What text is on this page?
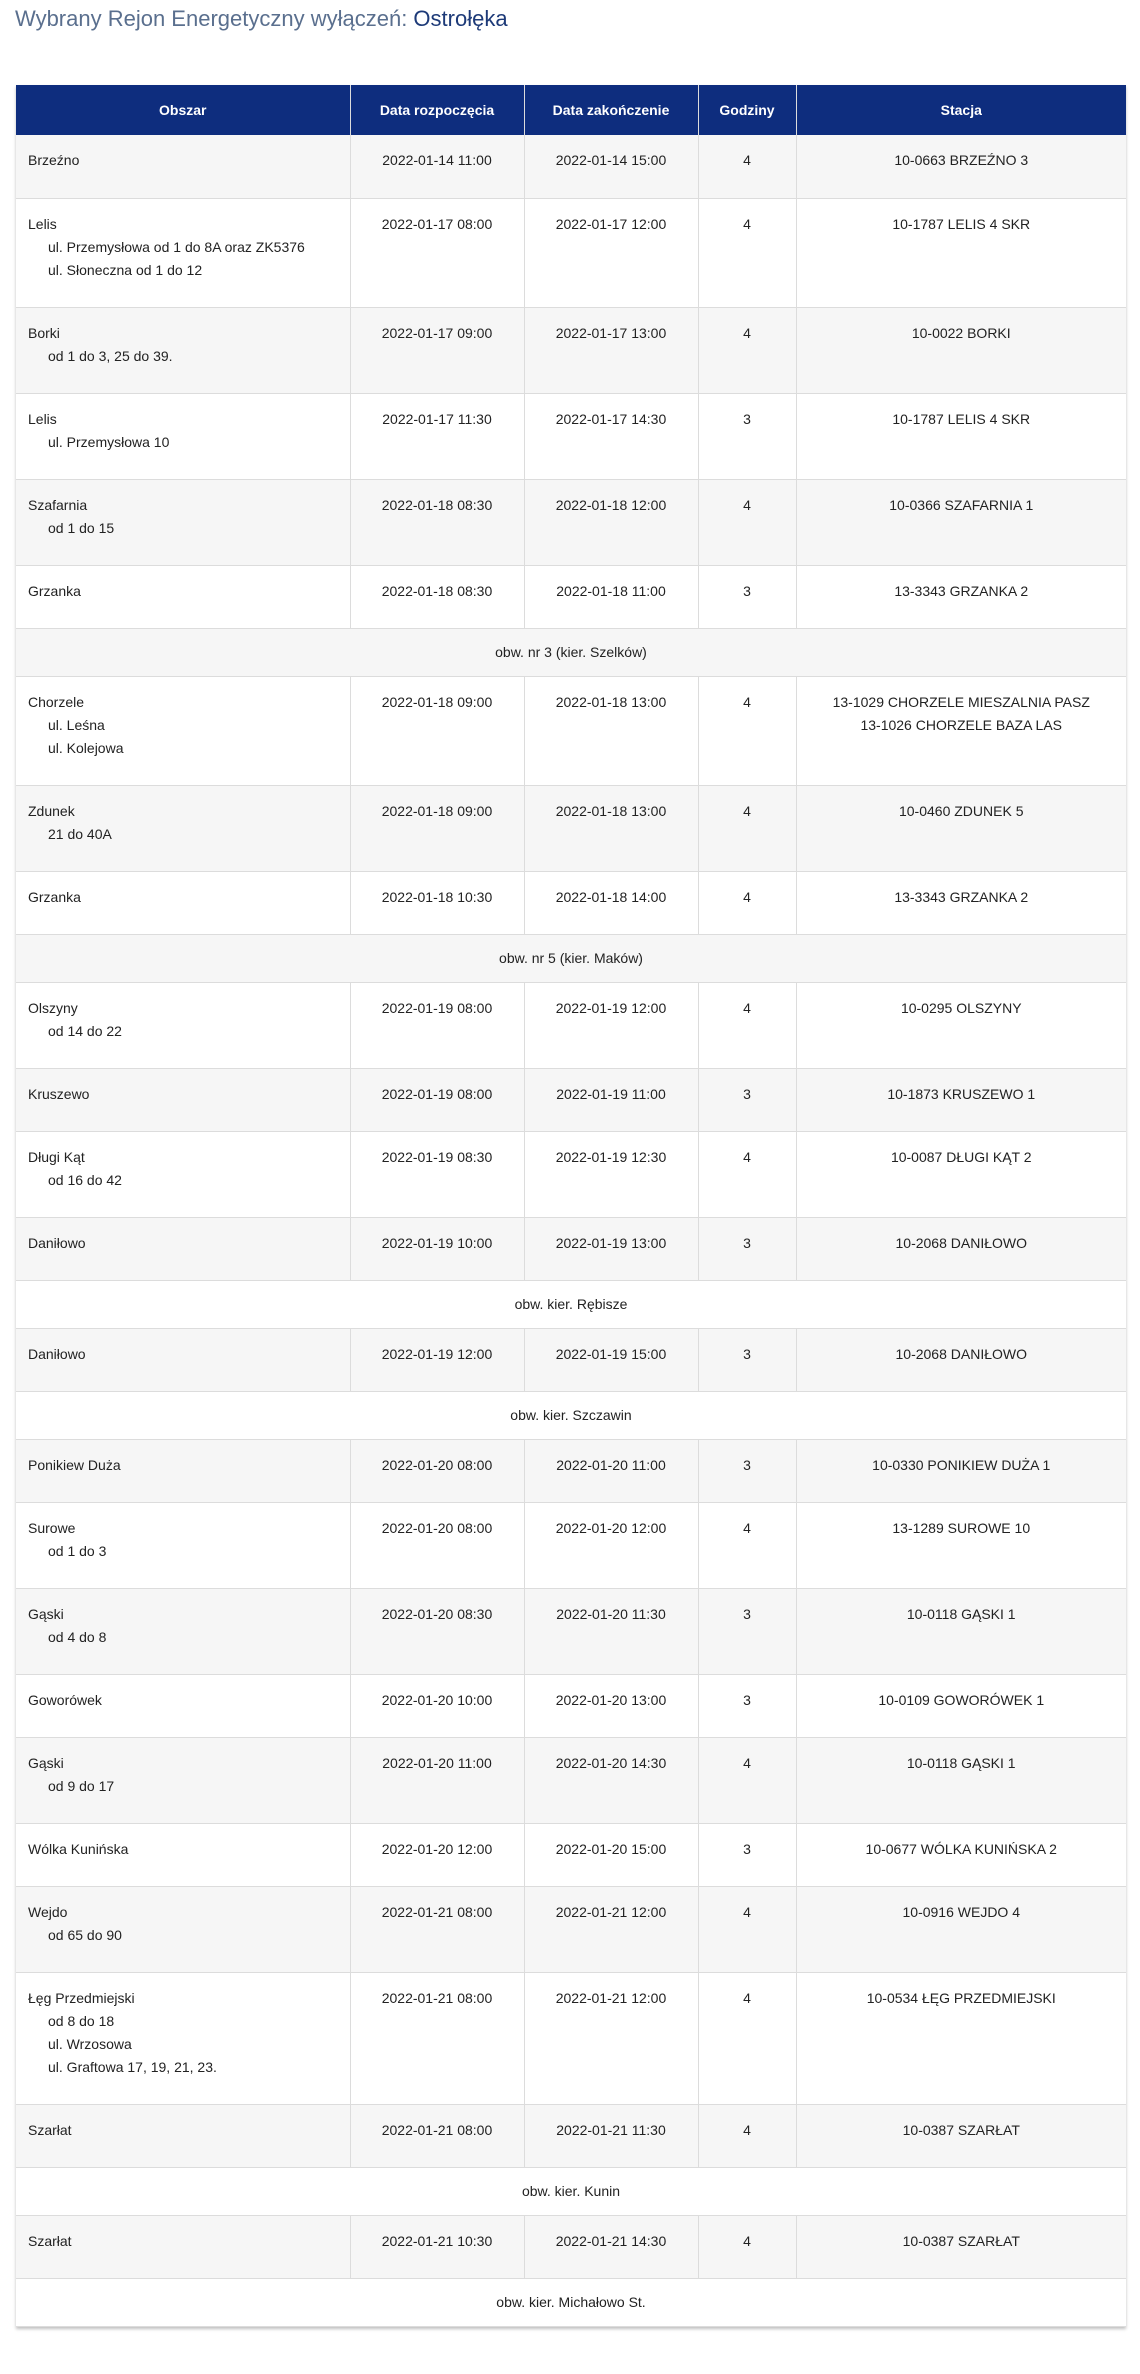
Wybrany Rejon Energetyczny wyłączeń: Ostrołęka
Obszar	Data rozpoczęcia	Data zakończenie	Godziny	Stacja

Brzeźno	2022-01-14 11:00	2022-01-14 15:00	4	10-0663 BRZEŹNO 3

Lelis
ul. Przemysłowa od 1 do 8A oraz ZK5376
ul. Słoneczna od 1 do 12	2022-01-17 08:00	2022-01-17 12:00	4	10-1787 LELIS 4 SKR

Borki
od 1 do 3, 25 do 39.	2022-01-17 09:00	2022-01-17 13:00	4	10-0022 BORKI

Lelis
ul. Przemysłowa 10	2022-01-17 11:30	2022-01-17 14:30	3	10-1787 LELIS 4 SKR

Szafarnia
od 1 do 15	2022-01-18 08:30	2022-01-18 12:00	4	10-0366 SZAFARNIA 1

Grzanka	2022-01-18 08:30	2022-01-18 11:00	3	13-3343 GRZANKA 2

obw. nr 3 (kier. Szelków)				

Chorzele
ul. Leśna
ul. Kolejowa	2022-01-18 09:00	2022-01-18 13:00	4	13-1029 CHORZELE MIESZALNIA PASZ
13-1026 CHORZELE BAZA LAS

Zdunek
21 do 40A	2022-01-18 09:00	2022-01-18 13:00	4	10-0460 ZDUNEK 5

Grzanka	2022-01-18 10:30	2022-01-18 14:00	4	13-3343 GRZANKA 2

obw. nr 5 (kier. Maków)				

Olszyny
od 14 do 22	2022-01-19 08:00	2022-01-19 12:00	4	10-0295 OLSZYNY

Kruszewo	2022-01-19 08:00	2022-01-19 11:00	3	10-1873 KRUSZEWO 1

Długi Kąt
od 16 do 42	2022-01-19 08:30	2022-01-19 12:30	4	10-0087 DŁUGI KĄT 2

Daniłowo	2022-01-19 10:00	2022-01-19 13:00	3	10-2068 DANIŁOWO

obw. kier. Rębisze				

Daniłowo	2022-01-19 12:00	2022-01-19 15:00	3	10-2068 DANIŁOWO

obw. kier. Szczawin				

Ponikiew Duża	2022-01-20 08:00	2022-01-20 11:00	3	10-0330 PONIKIEW DUŻA 1

Surowe
od 1 do 3	2022-01-20 08:00	2022-01-20 12:00	4	13-1289 SUROWE 10

Gąski
od 4 do 8	2022-01-20 08:30	2022-01-20 11:30	3	10-0118 GĄSKI 1

Goworówek	2022-01-20 10:00	2022-01-20 13:00	3	10-0109 GOWORÓWEK 1

Gąski
od 9 do 17	2022-01-20 11:00	2022-01-20 14:30	4	10-0118 GĄSKI 1

Wólka Kunińska	2022-01-20 12:00	2022-01-20 15:00	3	10-0677 WÓLKA KUNIŃSKA 2

Wejdo
od 65 do 90	2022-01-21 08:00	2022-01-21 12:00	4	10-0916 WEJDO 4

Łęg Przedmiejski
od 8 do 18
ul. Wrzosowa
ul. Graftowa 17, 19, 21, 23.	2022-01-21 08:00	2022-01-21 12:00	4	10-0534 ŁĘG PRZEDMIEJSKI

Szarłat	2022-01-21 08:00	2022-01-21 11:30	4	10-0387 SZARŁAT

obw. kier. Kunin				

Szarłat	2022-01-21 10:30	2022-01-21 14:30	4	10-0387 SZARŁAT

obw. kier. Michałowo St.				
